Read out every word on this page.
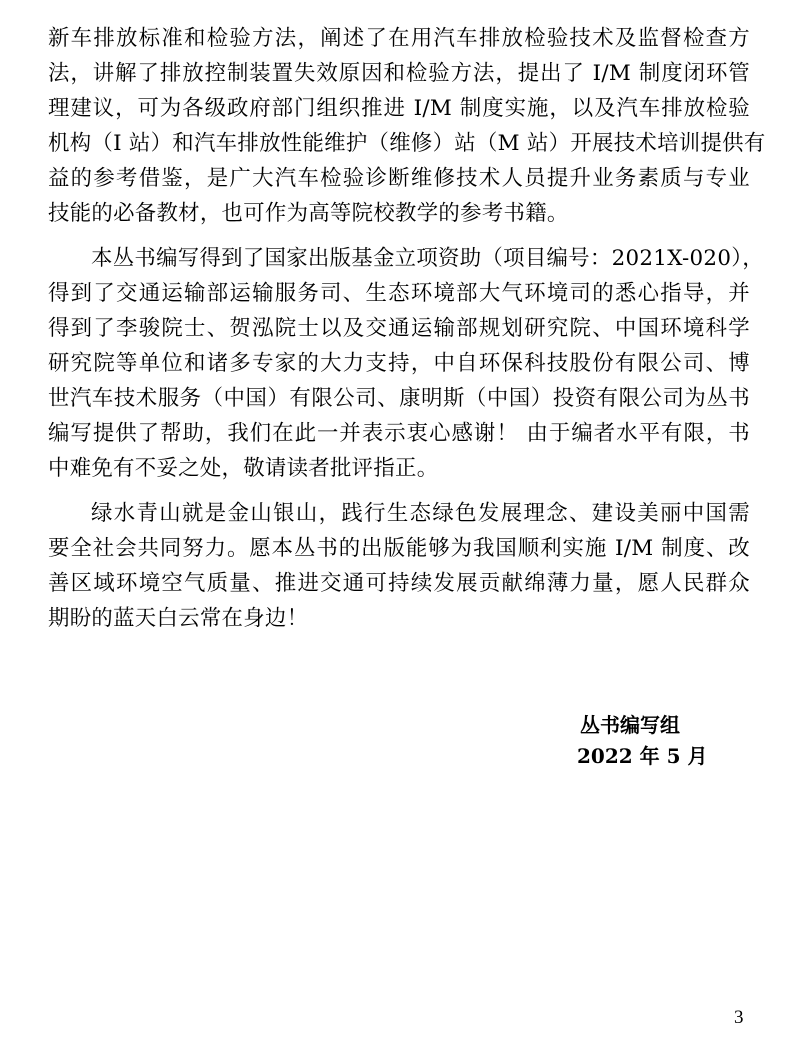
新车排放标准和检验方法，阐述了在用汽车排放检验技术及监督检查方
法，讲解了排放控制装置失效原因和检验方法，提出了 I/M 制度闭环管
理建议，可为各级政府部门组织推进 I/M 制度实施，以及汽车排放检验
机构（I 站）和汽车排放性能维护（维修）站（M 站）开展技术培训提供有
益的参考借鉴，是广大汽车检验诊断维修技术人员提升业务素质与专业
技能的必备教材，也可作为高等院校教学的参考书籍。
本丛书编写得到了国家出版基金立项资助（项目编号：2021X-020），
得到了交通运输部运输服务司、生态环境部大气环境司的悉心指导，并
得到了李骏院士、贺泓院士以及交通运输部规划研究院、中国环境科学
研究院等单位和诸多专家的大力支持，中自环保科技股份有限公司、博
世汽车技术服务（中国）有限公司、康明斯（中国）投资有限公司为丛书
编写提供了帮助，我们在此一并表示衷心感谢！ 由于编者水平有限，书
中难免有不妥之处，敬请读者批评指正。
绿水青山就是金山银山，践行生态绿色发展理念、建设美丽中国需
要全社会共同努力。愿本丛书的出版能够为我国顺利实施 I/M 制度、改
善区域环境空气质量、推进交通可持续发展贡献绵薄力量，愿人民群众
期盼的蓝天白云常在身边！
丛书编写组
2022 年 5 月
3
